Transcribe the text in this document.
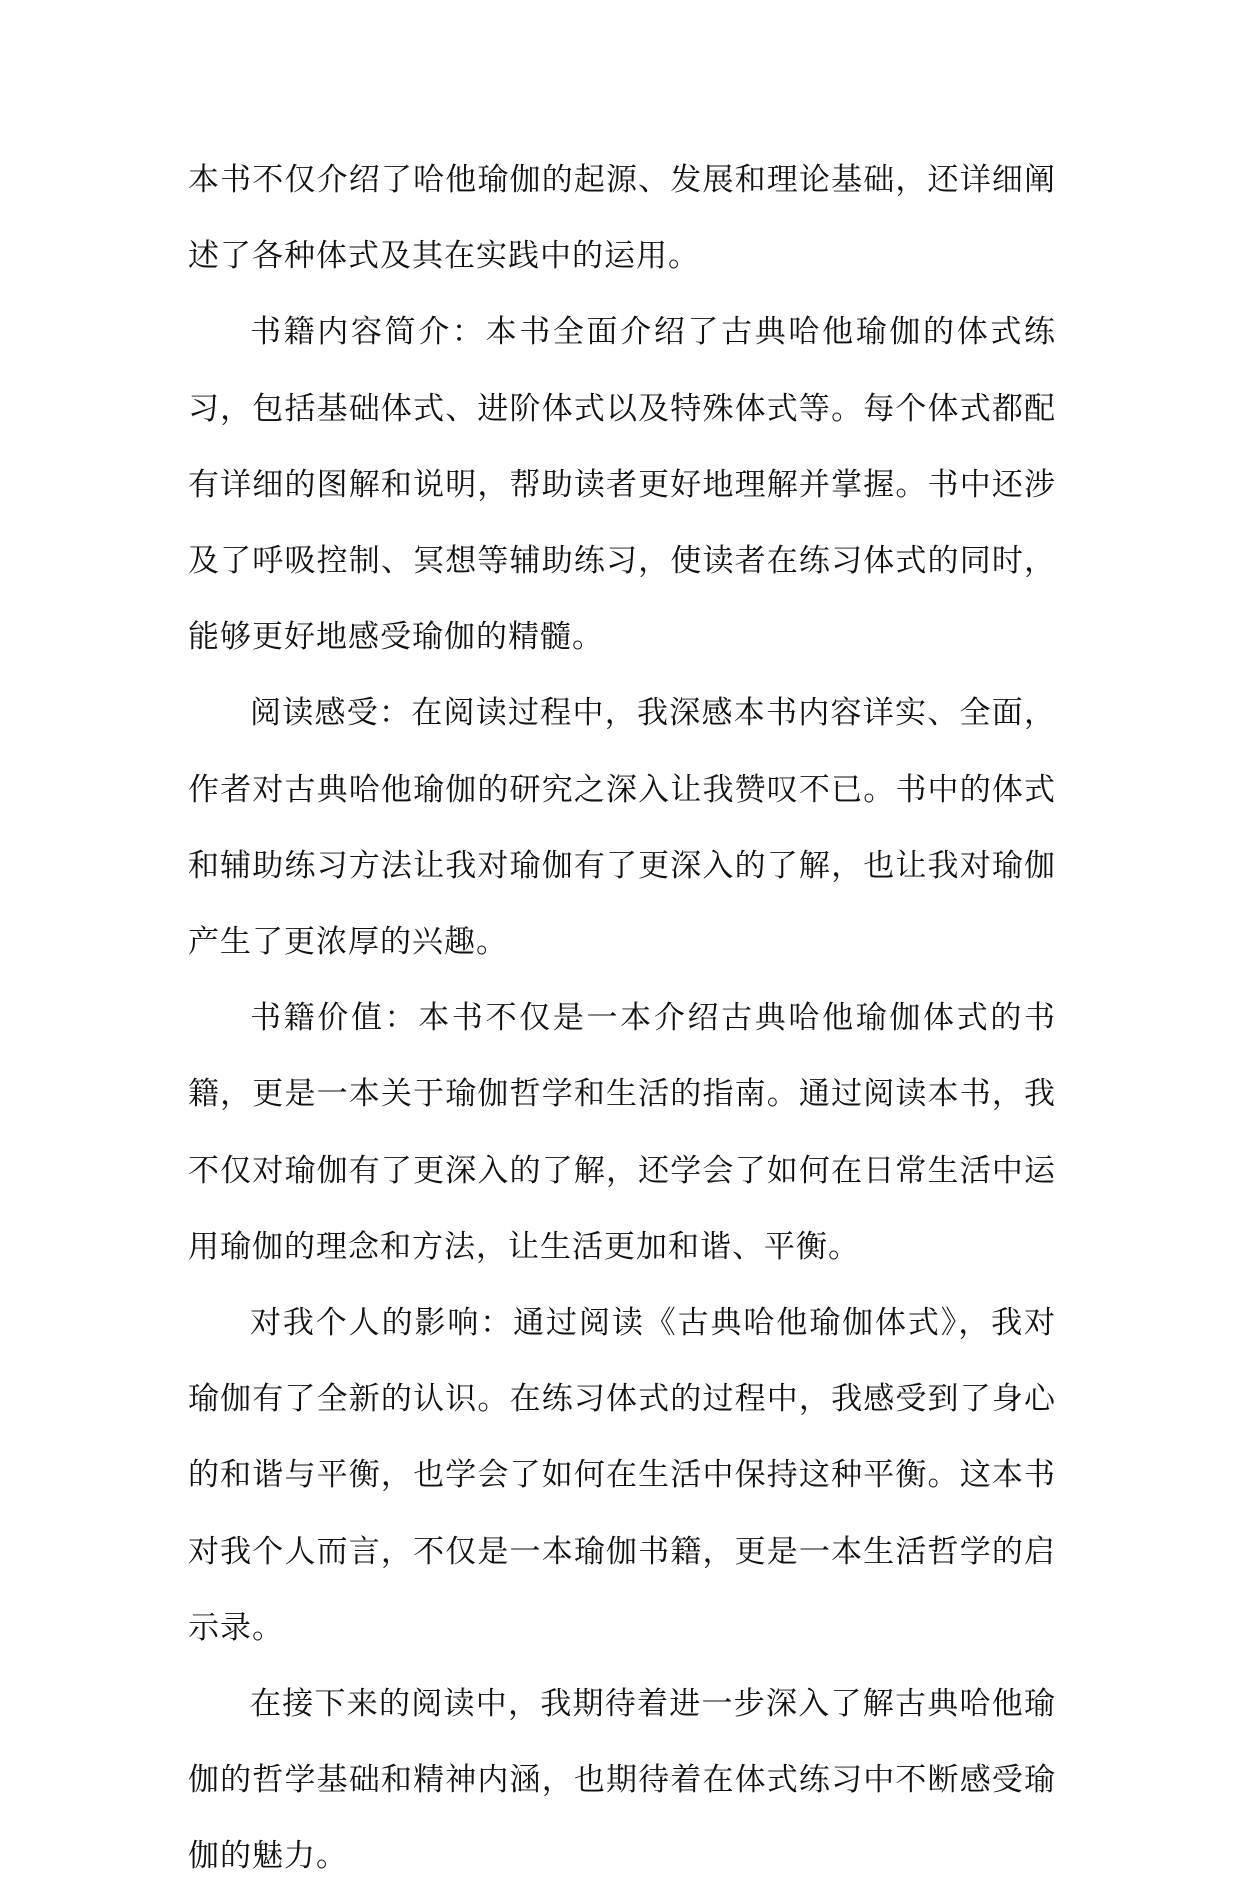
本书不仅介绍了哈他瑜伽的起源、发展和理论基础，还详细阐述了各种体式及其在实践中的运用。

书籍内容简介：本书全面介绍了古典哈他瑜伽的体式练习，包括基础体式、进阶体式以及特殊体式等。每个体式都配有详细的图解和说明，帮助读者更好地理解并掌握。书中还涉及了呼吸控制、冥想等辅助练习，使读者在练习体式的同时，能够更好地感受瑜伽的精髓。

阅读感受：在阅读过程中，我深感本书内容详实、全面，作者对古典哈他瑜伽的研究之深入让我赞叹不已。书中的体式和辅助练习方法让我对瑜伽有了更深入的了解，也让我对瑜伽产生了更浓厚的兴趣。

书籍价值：本书不仅是一本介绍古典哈他瑜伽体式的书籍，更是一本关于瑜伽哲学和生活的指南。通过阅读本书，我不仅对瑜伽有了更深入的了解，还学会了如何在日常生活中运用瑜伽的理念和方法，让生活更加和谐、平衡。

对我个人的影响：通过阅读《古典哈他瑜伽体式》，我对瑜伽有了全新的认识。在练习体式的过程中，我感受到了身心的和谐与平衡，也学会了如何在生活中保持这种平衡。这本书对我个人而言，不仅是一本瑜伽书籍，更是一本生活哲学的启示录。

在接下来的阅读中，我期待着进一步深入了解古典哈他瑜伽的哲学基础和精神内涵，也期待着在体式练习中不断感受瑜伽的魅力。
